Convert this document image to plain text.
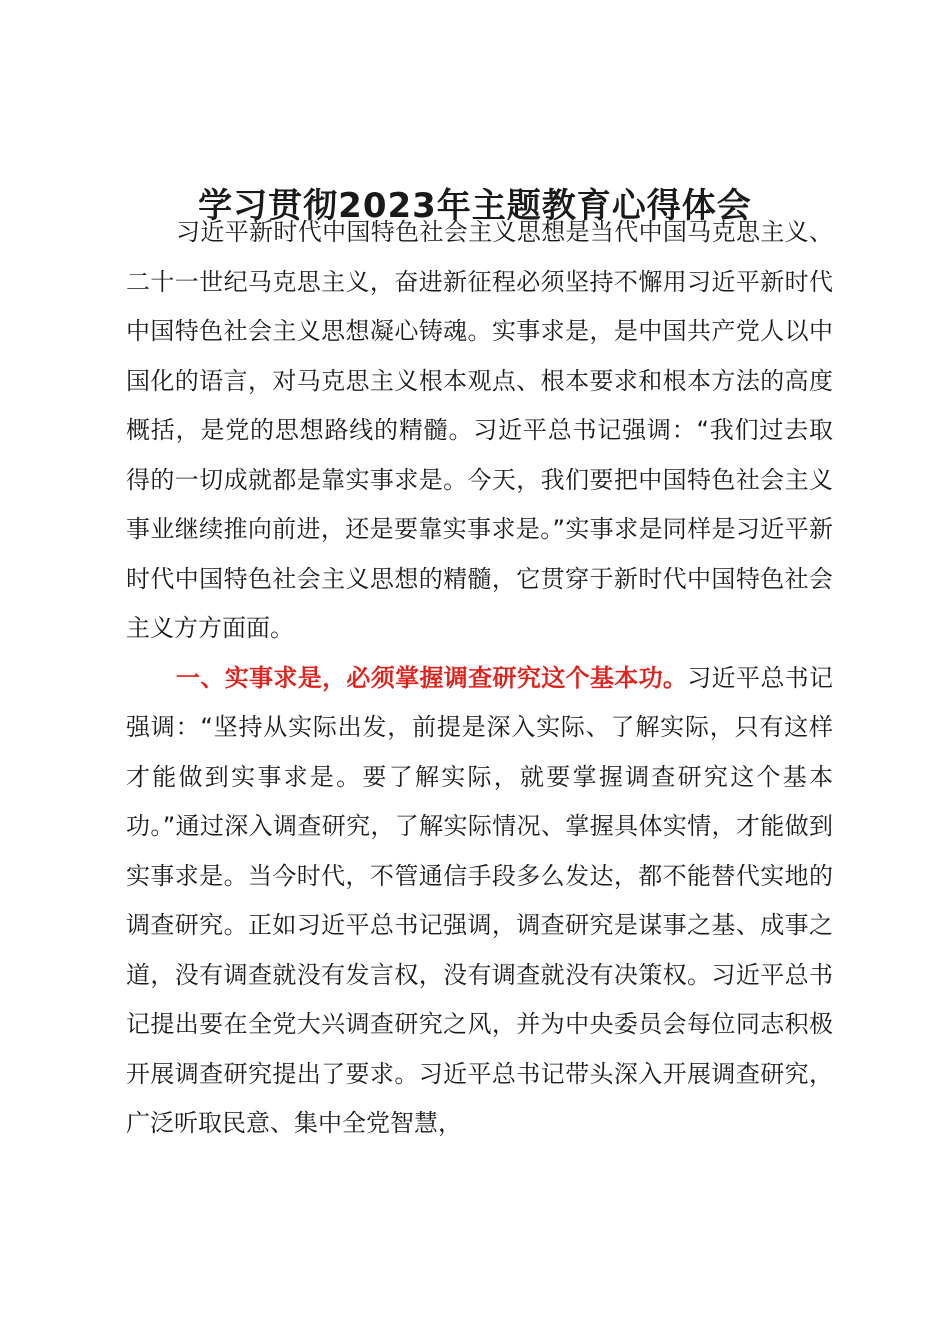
学习贯彻2023年主题教育心得体会

习近平新时代中国特色社会主义思想是当代中国马克思主义、二十一世纪马克思主义，奋进新征程必须坚持不懈用习近平新时代中国特色社会主义思想凝心铸魂。实事求是，是中国共产党人以中国化的语言，对马克思主义根本观点、根本要求和根本方法的高度概括，是党的思想路线的精髓。习近平总书记强调：“我们过去取得的一切成就都是靠实事求是。今天，我们要把中国特色社会主义事业继续推向前进，还是要靠实事求是。”实事求是同样是习近平新时代中国特色社会主义思想的精髓，它贯穿于新时代中国特色社会主义方方面面。

一、实事求是，必须掌握调查研究这个基本功。习近平总书记强调：“坚持从实际出发，前提是深入实际、了解实际，只有这样才能做到实事求是。要了解实际，就要掌握调查研究这个基本功。”通过深入调查研究，了解实际情况、掌握具体实情，才能做到实事求是。当今时代，不管通信手段多么发达，都不能替代实地的调查研究。正如习近平总书记强调，调查研究是谋事之基、成事之道，没有调查就没有发言权，没有调查就没有决策权。习近平总书记提出要在全党大兴调查研究之风，并为中央委员会每位同志积极开展调查研究提出了要求。习近平总书记带头深入开展调查研究，广泛听取民意、集中全党智慧，
